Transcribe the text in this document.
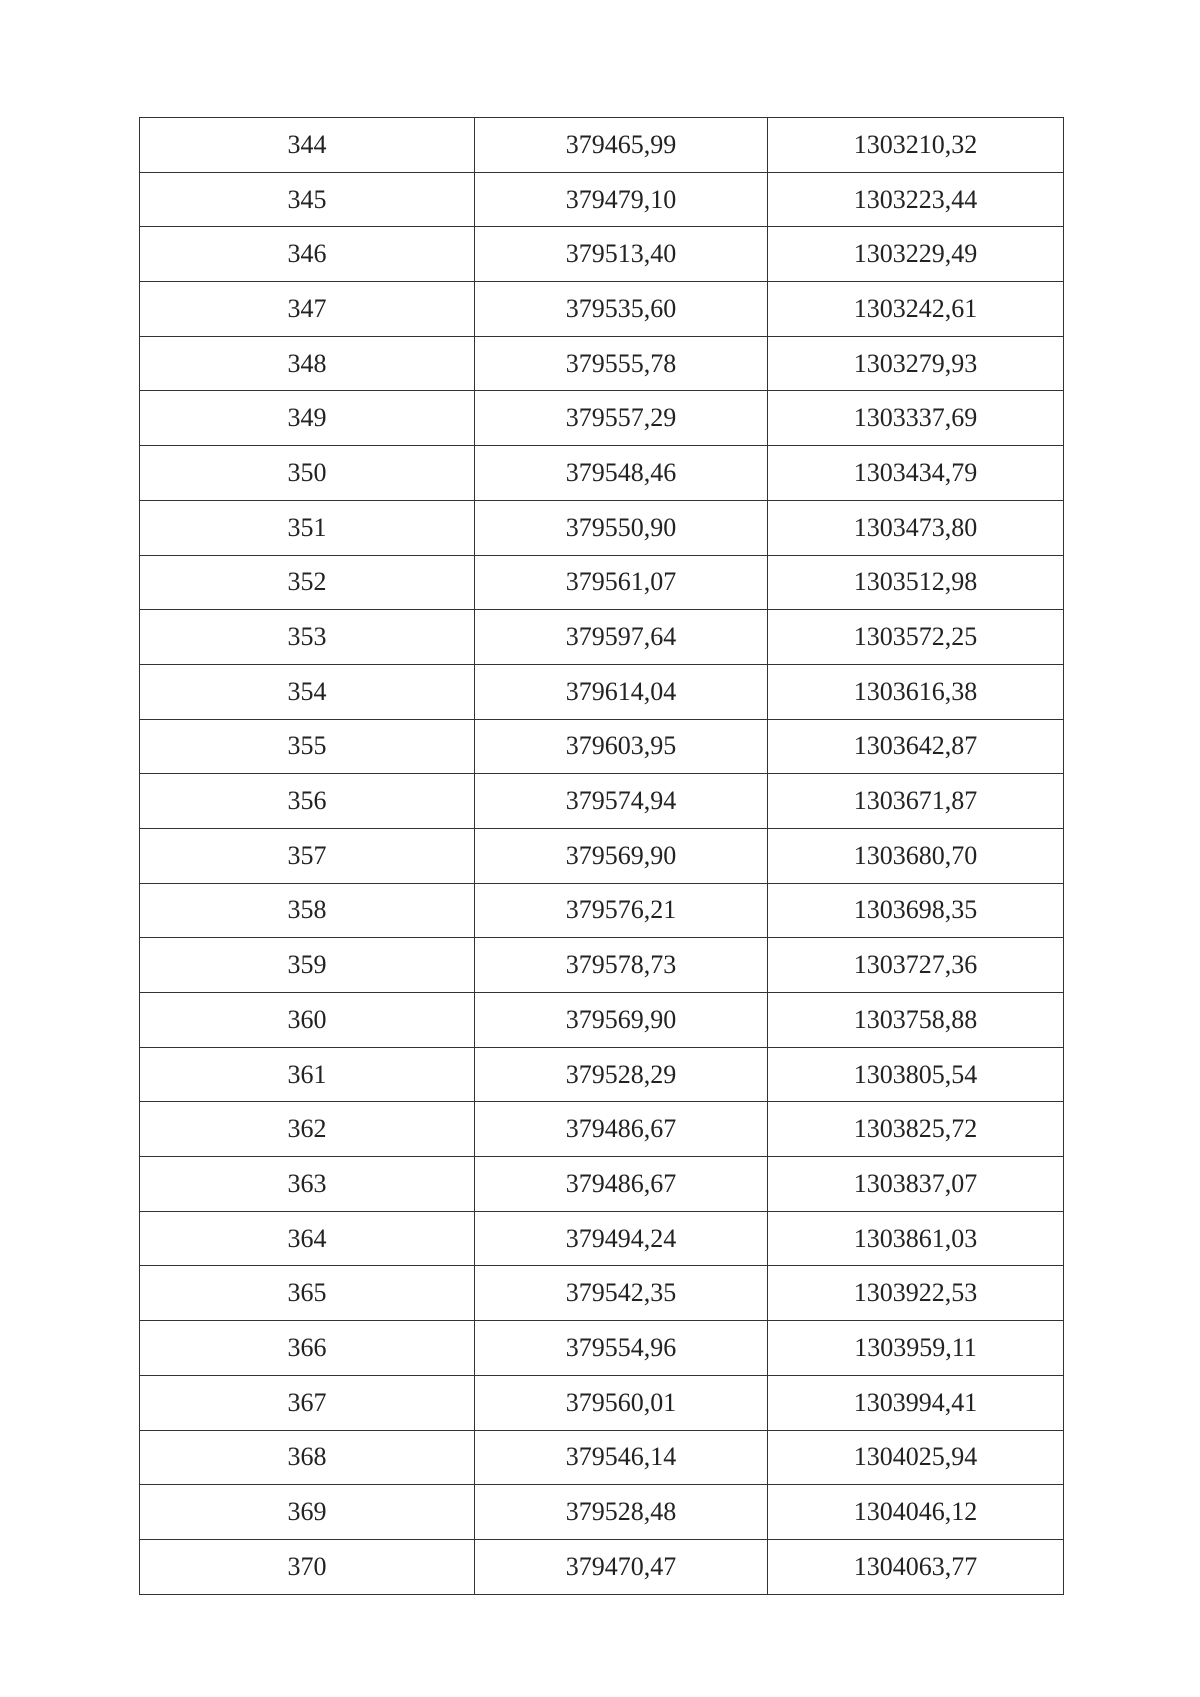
344	379465,99	1303210,32
345	379479,10	1303223,44
346	379513,40	1303229,49
347	379535,60	1303242,61
348	379555,78	1303279,93
349	379557,29	1303337,69
350	379548,46	1303434,79
351	379550,90	1303473,80
352	379561,07	1303512,98
353	379597,64	1303572,25
354	379614,04	1303616,38
355	379603,95	1303642,87
356	379574,94	1303671,87
357	379569,90	1303680,70
358	379576,21	1303698,35
359	379578,73	1303727,36
360	379569,90	1303758,88
361	379528,29	1303805,54
362	379486,67	1303825,72
363	379486,67	1303837,07
364	379494,24	1303861,03
365	379542,35	1303922,53
366	379554,96	1303959,11
367	379560,01	1303994,41
368	379546,14	1304025,94
369	379528,48	1304046,12
370	379470,47	1304063,77
